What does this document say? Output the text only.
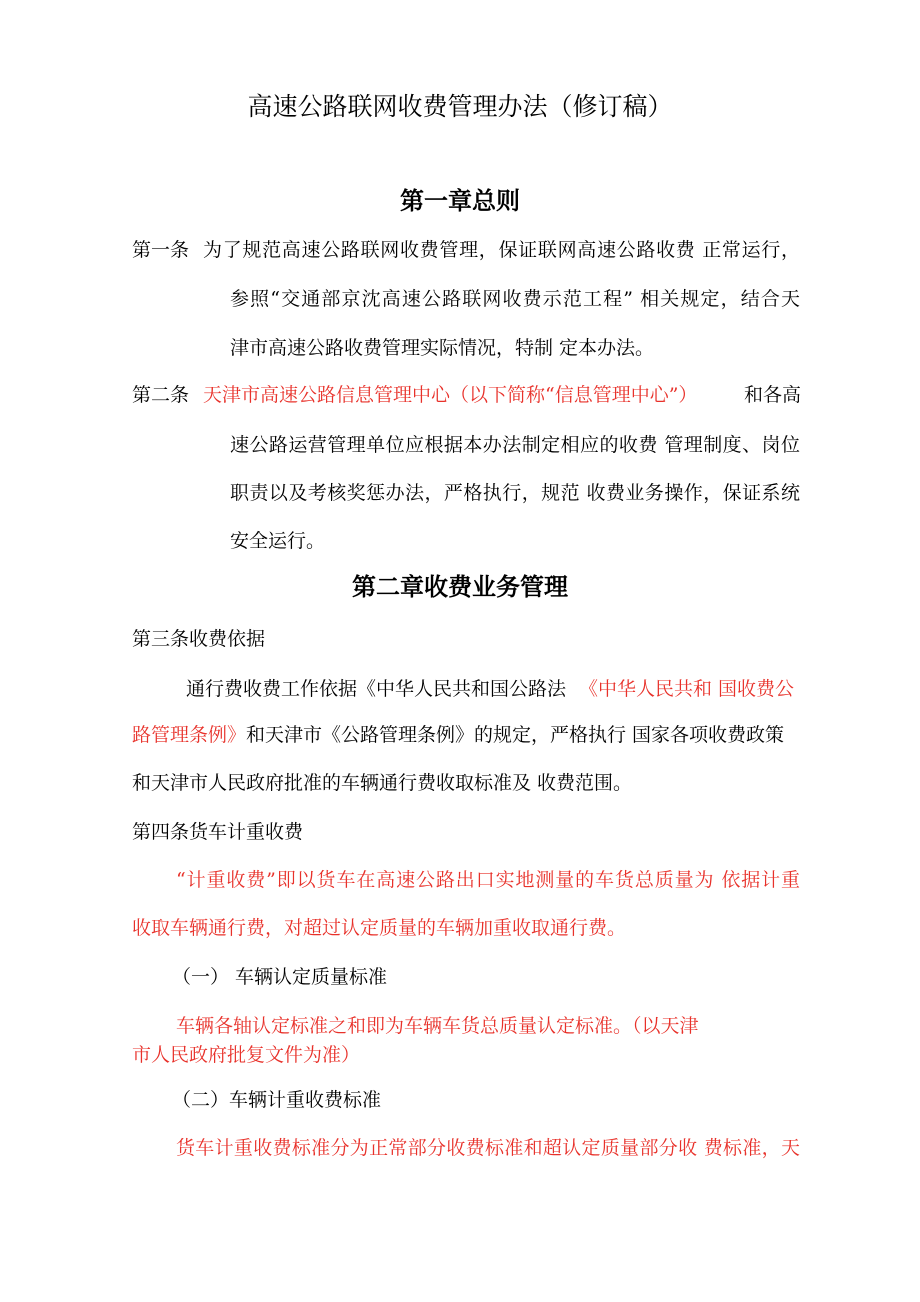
高速公路联网收费管理办法（修订稿）
第一章总则
第一条 为了规范高速公路联网收费管理，保证联网高速公路收费 正常运行，
参照“交通部京沈高速公路联网收费示范工程” 相关规定，结合天
津市高速公路收费管理实际情况，特制 定本办法。
第二条 天津市高速公路信息管理中心（以下简称“信息管理中心”） 和各高
速公路运营管理单位应根据本办法制定相应的收费 管理制度、岗位
职责以及考核奖惩办法，严格执行，规范 收费业务操作，保证系统
安全运行。
第二章收费业务管理
第三条收费依据
通行费收费工作依据《中华人民共和国公路法 《中华人民共和 国收费公
路管理条例》 和天津市《公路管理条例》的规定，严格执行 国家各项收费政策
和天津市人民政府批准的车辆通行费收取标准及 收费范围。
第四条货车计重收费
“计重收费”即以货车在高速公路出口实地测量的车货总质量为 依据计重
收取车辆通行费，对超过认定质量的车辆加重收取通行费。
（一） 车辆认定质量标准
车辆各轴认定标准之和即为车辆车货总质量认定标准。（以天津
市人民政府批复文件为准）
（二）车辆计重收费标准
货车计重收费标准分为正常部分收费标准和超认定质量部分收 费标准，天
